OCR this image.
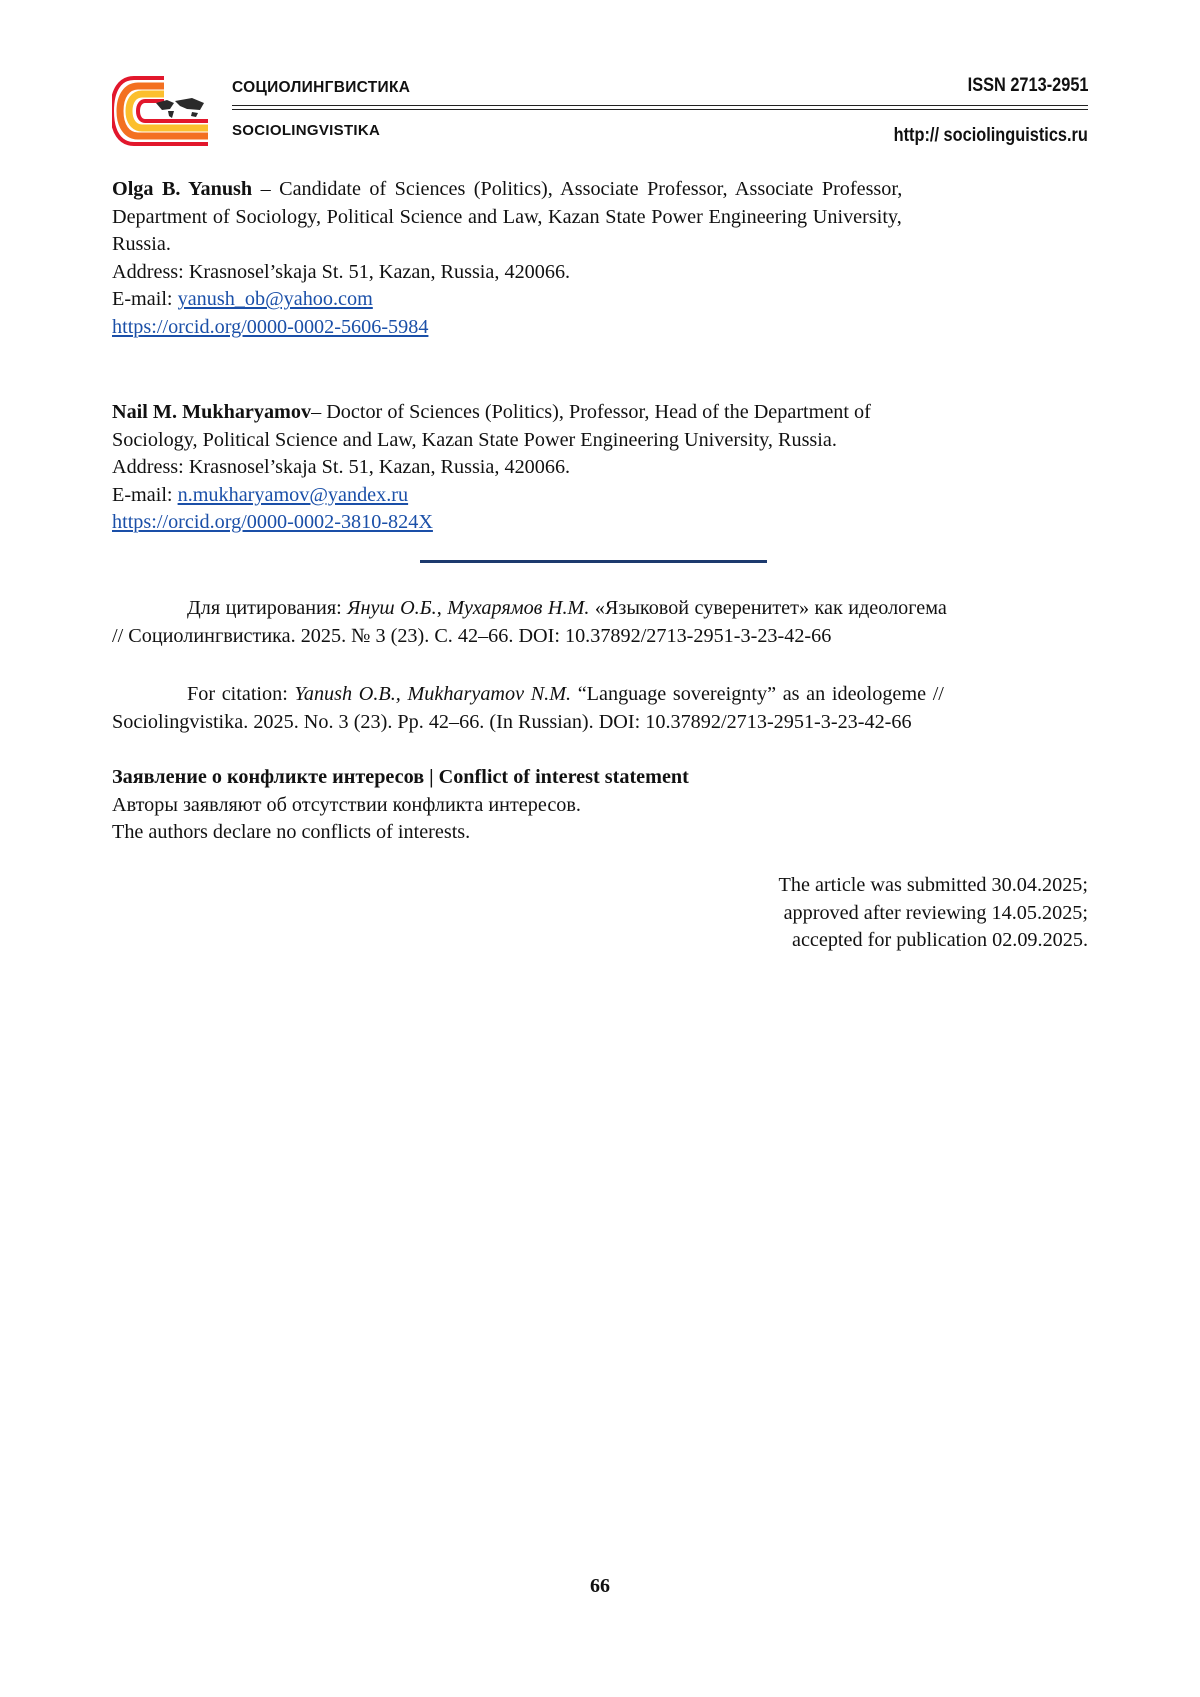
СОЦИОЛИНГВИСТИКА
SOCIOLINGVISTIKA
ISSN 2713-2951
http:// sociolinguistics.ru
Olga B. Yanush – Candidate of Sciences (Politics), Associate Professor, Associate Professor,
Department of Sociology, Political Science and Law, Kazan State Power Engineering University,
Russia.
Address: Krasnosel’skaja St. 51, Kazan, Russia, 420066.
E-mail: yanush_ob@yahoo.com
https://orcid.org/0000-0002-5606-5984
Nail M. Mukharyamov– Doctor of Sciences (Politics), Professor, Head of the Department of
Sociology, Political Science and Law, Kazan State Power Engineering University, Russia.
Address: Krasnosel’skaja St. 51, Kazan, Russia, 420066.
E-mail: n.mukharyamov@yandex.ru
https://orcid.org/0000-0002-3810-824X
Для цитирования: Януш О.Б., Мухарямов Н.М. «Языковой суверенитет» как идеологема
// Социолингвистика. 2025. № 3 (23). С. 42–66. DOI: 10.37892/2713-2951-3-23-42-66
For citation: Yanush O.B., Mukharyamov N.M. “Language sovereignty” as an ideologeme //
Sociolingvistika. 2025. No. 3 (23). Pp. 42–66. (In Russian). DOI: 10.37892/2713-2951-3-23-42-66
Заявление о конфликте интересов | Conflict of interest statement
Авторы заявляют об отсутствии конфликта интересов.
The authors declare no conflicts of interests.
The article was submitted 30.04.2025;
approved after reviewing 14.05.2025;
accepted for publication 02.09.2025.
66
